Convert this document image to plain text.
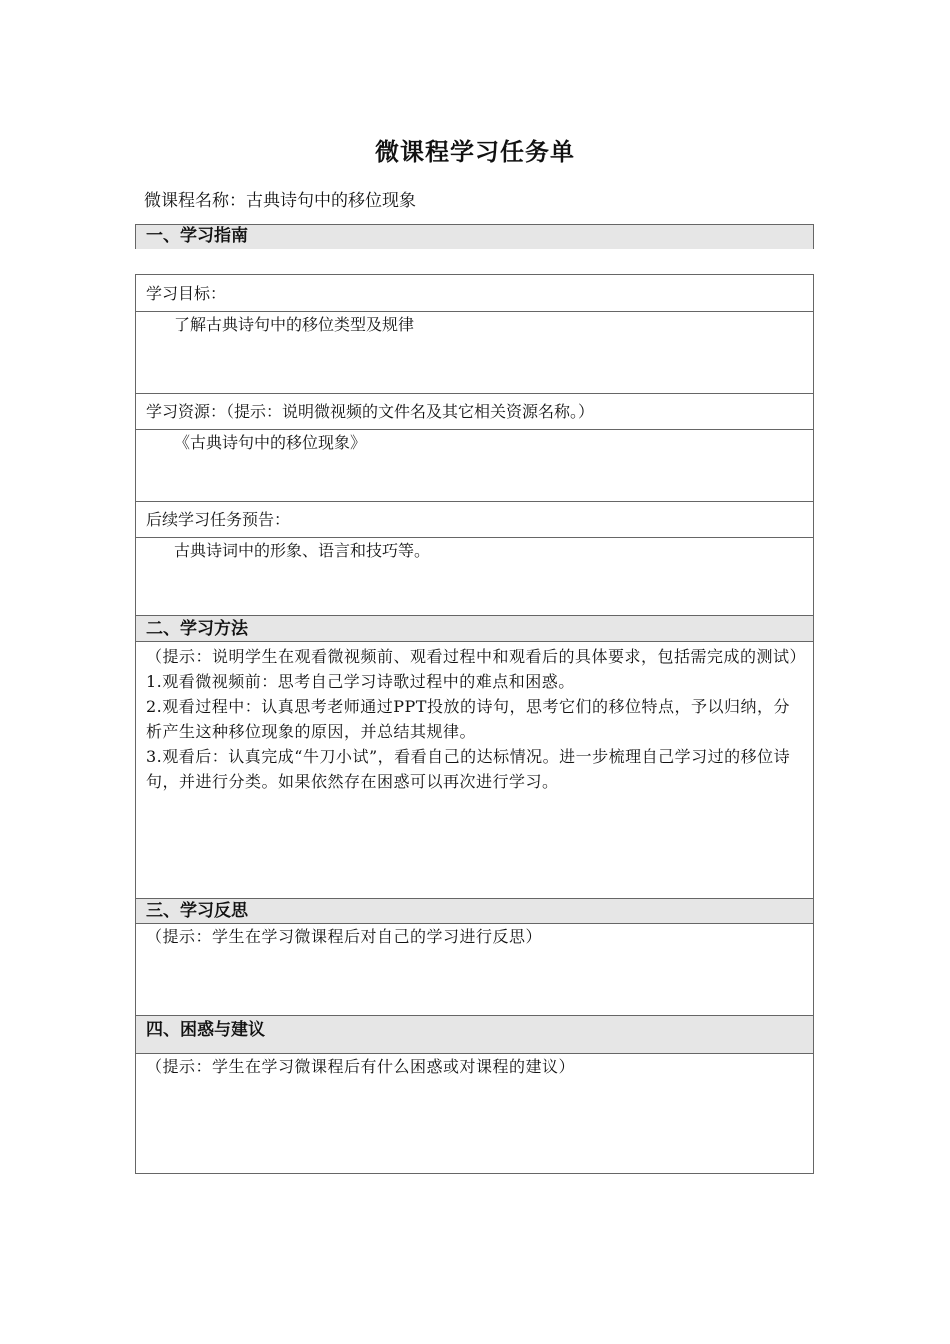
微课程学习任务单
微课程名称：古典诗句中的移位现象
一、学习指南
学习目标：
了解古典诗句中的移位类型及规律
学习资源：（提示：说明微视频的文件名及其它相关资源名称。）
《古典诗句中的移位现象》
后续学习任务预告：
古典诗词中的形象、语言和技巧等。
二、学习方法
（提示：说明学生在观看微视频前、观看过程中和观看后的具体要求，包括需完成的测试）
1.观看微视频前：思考自己学习诗歌过程中的难点和困惑。
2.观看过程中：认真思考老师通过PPT投放的诗句，思考它们的移位特点，予以归纳，分析产生这种移位现象的原因，并总结其规律。
3.观看后：认真完成“牛刀小试”，看看自己的达标情况。进一步梳理自己学习过的移位诗句，并进行分类。如果依然存在困惑可以再次进行学习。
三、学习反思
（提示：学生在学习微课程后对自己的学习进行反思）
四、困惑与建议
（提示：学生在学习微课程后有什么困惑或对课程的建议）
